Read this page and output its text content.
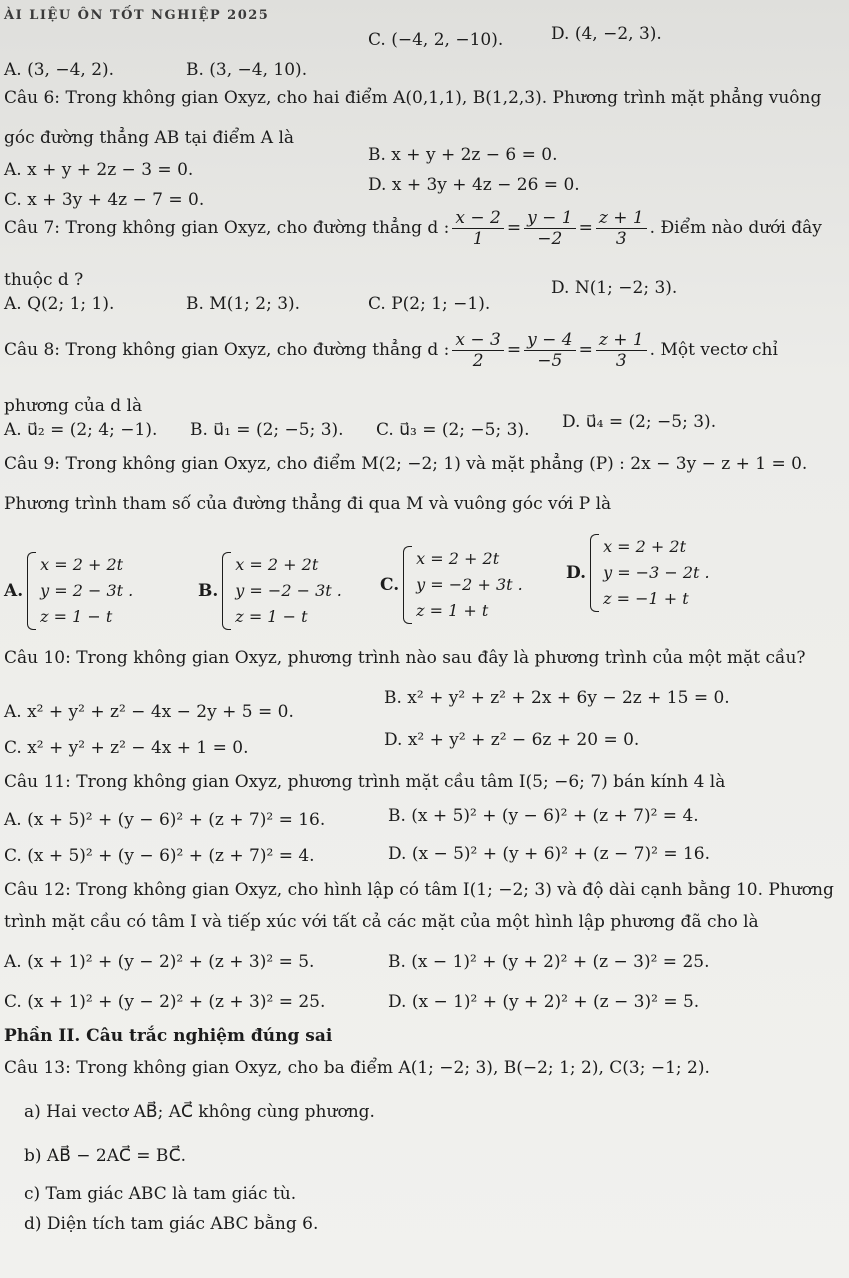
ÀI LIỆU ÔN TỐT NGHIỆP 2025
A. (3, −4, 2).	B. (3, −4, 10).
C. (−4, 2, −10).	D. (4, −2, 3).
Câu 6: Trong không gian Oxyz, cho hai điểm A(0,1,1), B(1,2,3). Phương trình mặt phẳng vuông
góc đường thẳng AB tại điểm A là
A. x + y + 2z − 3 = 0.
B. x + y + 2z − 6 = 0.
C. x + 3y + 4z − 7 = 0.
D. x + 3y + 4z − 26 = 0.
Câu 7: Trong không gian Oxyz, cho đường thẳng d : $\frac{x - 2}{1} = \frac{y - 1}{-2} = \frac{z + 1}{3}$ . Điểm nào dưới đây
thuộc d ?
A. Q(2; 1; 1).	B. M(1; 2; 3).	C. P(2; 1; −1).
D. N(1; −2; 3).
Câu 8: Trong không gian Oxyz, cho đường thẳng d : $\frac{x - 3}{2} = \frac{y - 4}{-5} = \frac{z + 1}{3}$ . Một vectơ chỉ
phương của d là
A. u⃗₂ = (2; 4; −1). B. u⃗₁ = (2; −5; 3). C. u⃗₃ = (2; −5; 3). D. u⃗₄ = (2; −5; 3).
Câu 9: Trong không gian Oxyz, cho điểm M(2; −2; 1) và mặt phẳng (P) : 2x − 3y − z + 1 = 0.
Phương trình tham số của đường thẳng đi qua M và vuông góc với P là
A.
x = 2 + 2t
y = 2 − 3t .
z = 1 − t
B.
x = 2 + 2t
y = −2 − 3t .
z = 1 − t
C.
x = 2 + 2t
y = −2 + 3t .
z = 1 + t
D.
x = 2 + 2t
y = −3 − 2t .
z = −1 + t
Câu 10: Trong không gian Oxyz, phương trình nào sau đây là phương trình của một mặt cầu?
A. x² + y² + z² − 4x − 2y + 5 = 0.
B. x² + y² + z² + 2x + 6y − 2z + 15 = 0.
C. x² + y² + z² − 4x + 1 = 0.	D. x² + y² + z² − 6z + 20 = 0.
Câu 11: Trong không gian Oxyz, phương trình mặt cầu tâm I(5; −6; 7) bán kính 4 là
A. (x + 5)² + (y − 6)² + (z + 7)² = 16.	B. (x + 5)² + (y − 6)² + (z + 7)² = 4.
C. (x + 5)² + (y − 6)² + (z + 7)² = 4.	D. (x − 5)² + (y + 6)² + (z − 7)² = 16.
Câu 12: Trong không gian Oxyz, cho hình lập có tâm I(1; −2; 3) và độ dài cạnh bằng 10. Phương
trình mặt cầu có tâm I và tiếp xúc với tất cả các mặt của một hình lập phương đã cho là
A. (x + 1)² + (y − 2)² + (z + 3)² = 5.	B. (x − 1)² + (y + 2)² + (z − 3)² = 25.
C. (x + 1)² + (y − 2)² + (z + 3)² = 25.	D. (x − 1)² + (y + 2)² + (z − 3)² = 5.
Phần II. Câu trắc nghiệm đúng sai
Câu 13: Trong không gian Oxyz, cho ba điểm A(1; −2; 3), B(−2; 1; 2), C(3; −1; 2).
a) Hai vectơ AB⃗; AC⃗ không cùng phương.
b) AB⃗ − 2AC⃗ = BC⃗.
c) Tam giác ABC là tam giác tù.
d) Diện tích tam giác ABC bằng 6.
